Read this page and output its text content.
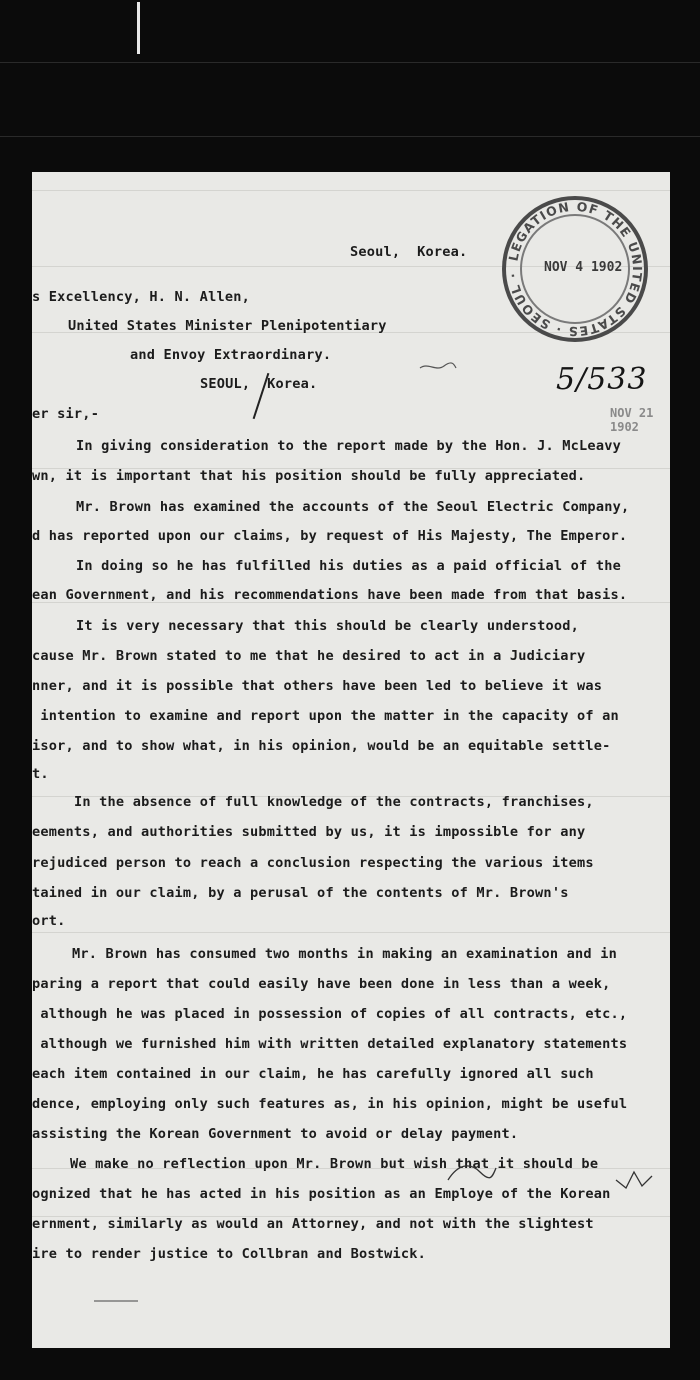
Seoul,  Korea.
s Excellency, H. N. Allen,
United States Minister Plenipotentiary
and Envoy Extraordinary.
SEOUL,  Korea.
er sir,-
In giving consideration to the report made by the Hon. J. McLeavy
wn, it is important that his position should be fully appreciated.
Mr. Brown has examined the accounts of the Seoul Electric Company,
d has reported upon our claims, by request of His Majesty, The Emperor.
In doing so he has fulfilled his duties as a paid official of the
ean Government, and his recommendations have been made from that basis.
It is very necessary that this should be clearly understood,
cause Mr. Brown stated to me that he desired to act in a Judiciary
nner, and it is possible that others have been led to believe it was
intention to examine and report upon the matter in the capacity of an
isor, and to show what, in his opinion, would be an equitable settle-
t.
In the absence of full knowledge of the contracts, franchises,
eements, and authorities submitted by us, it is impossible for any
rejudiced person to reach a conclusion respecting the various items
tained in our claim, by a perusal of the contents of Mr. Brown's
ort.
Mr. Brown has consumed two months in making an examination and in
paring a report that could easily have been done in less than a week,
although he was placed in possession of copies of all contracts, etc.,
although we furnished him with written detailed explanatory statements
each item contained in our claim, he has carefully ignored all such
dence, employing only such features as, in his opinion, might be useful
assisting the Korean Government to avoid or delay payment.
We make no reflection upon Mr. Brown but wish that it should be
ognized that he has acted in his position as an Employe of the Korean
ernment, similarly as would an Attorney, and not with the slightest
ire to render justice to Collbran and Bostwick.
LEGATION OF THE UNITED STATES · SEOUL ·
NOV 4 1902
5/533
NOV 21 1902
